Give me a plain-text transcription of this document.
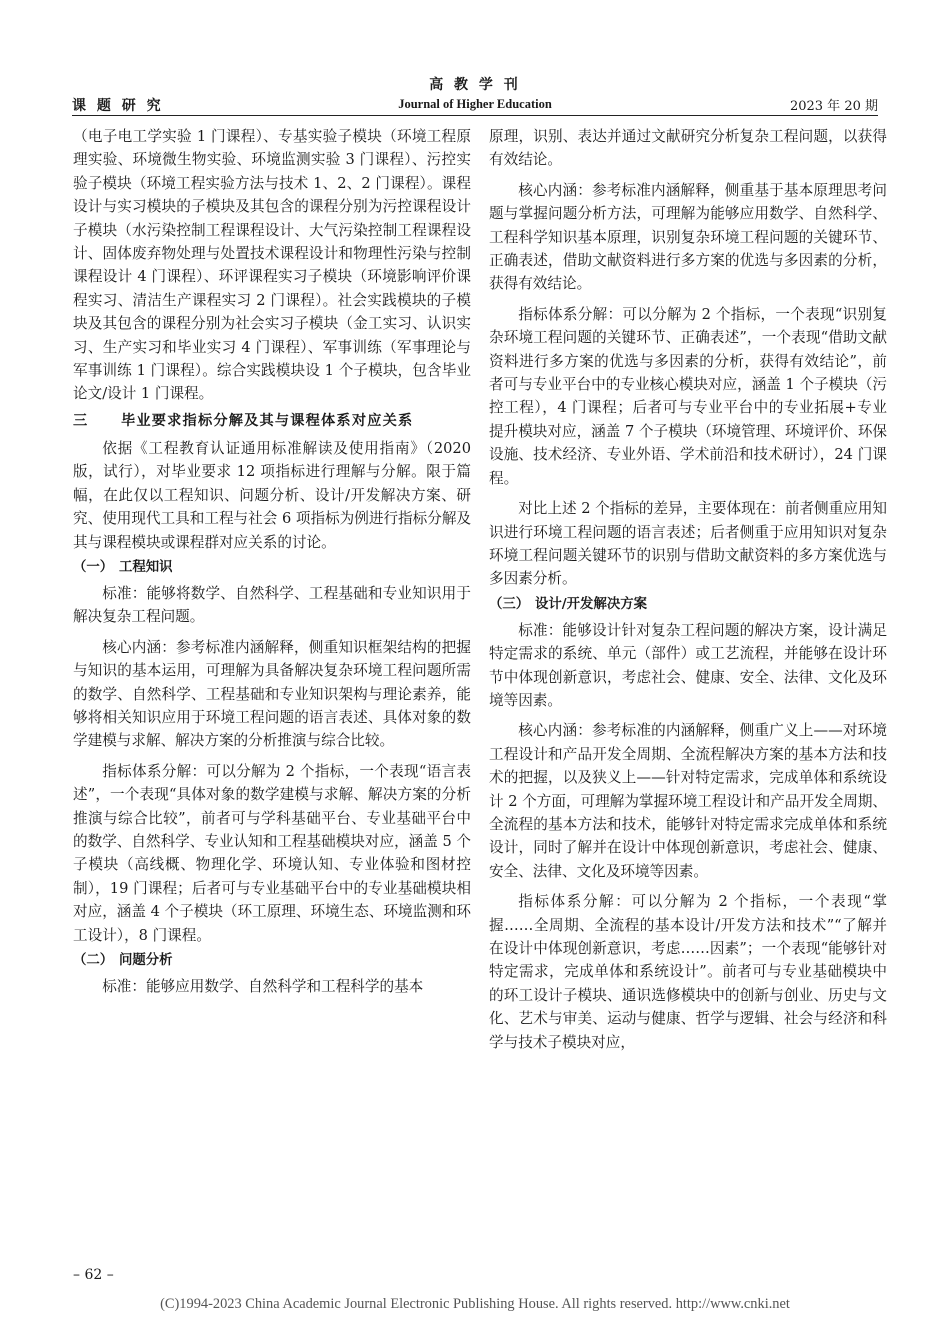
高 教 学 刊
课 题 研 究	Journal of Higher Education	2023 年 20 期

（电子电工学实验 1 门课程）、专基实验子模块（环境工程原理实验、环境微生物实验、环境监测实验 3 门课程）、污控实验子模块（环境工程实验方法与技术 1、2、2 门课程）。课程设计与实习模块的子模块及其包含的课程分别为污控课程设计子模块（水污染控制工程课程设计、大气污染控制工程课程设计、固体废弃物处理与处置技术课程设计和物理性污染与控制课程设计 4 门课程）、环评课程实习子模块（环境影响评价课程实习、清洁生产课程实习 2 门课程）。社会实践模块的子模块及其包含的课程分别为社会实习子模块（金工实习、认识实习、生产实习和毕业实习 4 门课程）、军事训练（军事理论与军事训练 1 门课程）。综合实践模块设 1 个子模块，包含毕业论文/设计 1 门课程。

三 毕业要求指标分解及其与课程体系对应关系

依据《工程教育认证通用标准解读及使用指南》（2020 版，试行），对毕业要求 12 项指标进行理解与分解。限于篇幅，在此仅以工程知识、问题分析、设计/开发解决方案、研究、使用现代工具和工程与社会 6 项指标为例进行指标分解及其与课程模块或课程群对应关系的讨论。

（一） 工程知识

标准：能够将数学、自然科学、工程基础和专业知识用于解决复杂工程问题。

核心内涵：参考标准内涵解释，侧重知识框架结构的把握与知识的基本运用，可理解为具备解决复杂环境工程问题所需的数学、自然科学、工程基础和专业知识架构与理论素养，能够将相关知识应用于环境工程问题的语言表述、具体对象的数学建模与求解、解决方案的分析推演与综合比较。

指标体系分解：可以分解为 2 个指标，一个表现“语言表述”，一个表现“具体对象的数学建模与求解、解决方案的分析推演与综合比较”，前者可与学科基础平台、专业基础平台中的数学、自然科学、专业认知和工程基础模块对应，涵盖 5 个子模块（高线概、物理化学、环境认知、专业体验和图材控制），19 门课程；后者可与专业基础平台中的专业基础模块相对应，涵盖 4 个子模块（环工原理、环境生态、环境监测和环工设计），8 门课程。

（二） 问题分析

标准：能够应用数学、自然科学和工程科学的基本

原理，识别、表达并通过文献研究分析复杂工程问题，以获得有效结论。

核心内涵：参考标准内涵解释，侧重基于基本原理思考问题与掌握问题分析方法，可理解为能够应用数学、自然科学、工程科学知识基本原理，识别复杂环境工程问题的关键环节、正确表述，借助文献资料进行多方案的优选与多因素的分析，获得有效结论。

指标体系分解：可以分解为 2 个指标，一个表现“识别复杂环境工程问题的关键环节、正确表述”，一个表现“借助文献资料进行多方案的优选与多因素的分析，获得有效结论”，前者可与专业平台中的专业核心模块对应，涵盖 1 个子模块（污控工程），4 门课程；后者可与专业平台中的专业拓展+专业提升模块对应，涵盖 7 个子模块（环境管理、环境评价、环保设施、技术经济、专业外语、学术前沿和技术研讨），24 门课程。

对比上述 2 个指标的差异，主要体现在：前者侧重应用知识进行环境工程问题的语言表述；后者侧重于应用知识对复杂环境工程问题关键环节的识别与借助文献资料的多方案优选与多因素分析。

（三） 设计/开发解决方案

标准：能够设计针对复杂工程问题的解决方案，设计满足特定需求的系统、单元（部件）或工艺流程，并能够在设计环节中体现创新意识，考虑社会、健康、安全、法律、文化及环境等因素。

核心内涵：参考标准的内涵解释，侧重广义上——对环境工程设计和产品开发全周期、全流程解决方案的基本方法和技术的把握，以及狭义上——针对特定需求，完成单体和系统设计 2 个方面，可理解为掌握环境工程设计和产品开发全周期、全流程的基本方法和技术，能够针对特定需求完成单体和系统设计，同时了解并在设计中体现创新意识，考虑社会、健康、安全、法律、文化及环境等因素。

指标体系分解：可以分解为 2 个指标，一个表现“掌握……全周期、全流程的基本设计/开发方法和技术”“了解并在设计中体现创新意识，考虑……因素”；一个表现“能够针对特定需求，完成单体和系统设计”。前者可与专业基础模块中的环工设计子模块、通识选修模块中的创新与创业、历史与文化、艺术与审美、运动与健康、哲学与逻辑、社会与经济和科学与技术子模块对应，

– 62 –
(C)1994-2023 China Academic Journal Electronic Publishing House. All rights reserved. http://www.cnki.net
